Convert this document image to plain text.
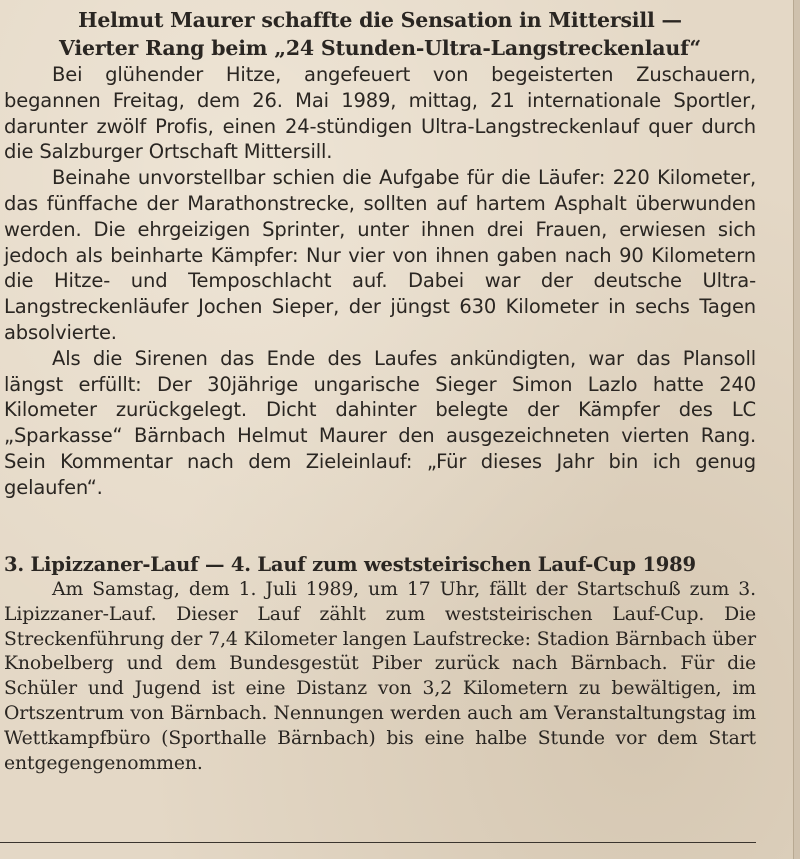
Helmut Maurer schaffte die Sensation in Mittersill —
Vierter Rang beim „24 Stunden-Ultra-Langstreckenlauf“

Bei glühender Hitze, angefeuert von begeisterten Zuschauern, begannen Freitag, dem 26. Mai 1989, mittag, 21 internationale Sportler, darunter zwölf Profis, einen 24-stündigen Ultra-Langstreckenlauf quer durch die Salzburger Ortschaft Mittersill.

Beinahe unvorstellbar schien die Aufgabe für die Läufer: 220 Kilometer, das fünffache der Marathonstrecke, sollten auf hartem Asphalt überwunden werden. Die ehrgeizigen Sprinter, unter ihnen drei Frauen, erwiesen sich jedoch als beinharte Kämpfer: Nur vier von ihnen gaben nach 90 Kilometern die Hitze- und Temposchlacht auf. Dabei war der deutsche Ultra-Langstreckenläufer Jochen Sieper, der jüngst 630 Kilometer in sechs Tagen absolvierte.

Als die Sirenen das Ende des Laufes ankündigten, war das Plansoll längst erfüllt: Der 30jährige ungarische Sieger Simon Lazlo hatte 240 Kilometer zurückgelegt. Dicht dahinter belegte der Kämpfer des LC „Sparkasse“ Bärnbach Helmut Maurer den ausgezeichneten vierten Rang. Sein Kommentar nach dem Zieleinlauf: „Für dieses Jahr bin ich genug gelaufen“.

3. Lipizzaner-Lauf — 4. Lauf zum weststeirischen Lauf-Cup 1989

Am Samstag, dem 1. Juli 1989, um 17 Uhr, fällt der Startschuß zum 3. Lipizzaner-Lauf. Dieser Lauf zählt zum weststeirischen Lauf-Cup. Die Streckenführung der 7,4 Kilometer langen Laufstrecke: Stadion Bärnbach über Knobelberg und dem Bundesgestüt Piber zurück nach Bärnbach. Für die Schüler und Jugend ist eine Distanz von 3,2 Kilometern zu bewältigen, im Ortszentrum von Bärnbach. Nennungen werden auch am Veranstaltungstag im Wettkampfbüro (Sporthalle Bärnbach) bis eine halbe Stunde vor dem Start entgegengenommen.
